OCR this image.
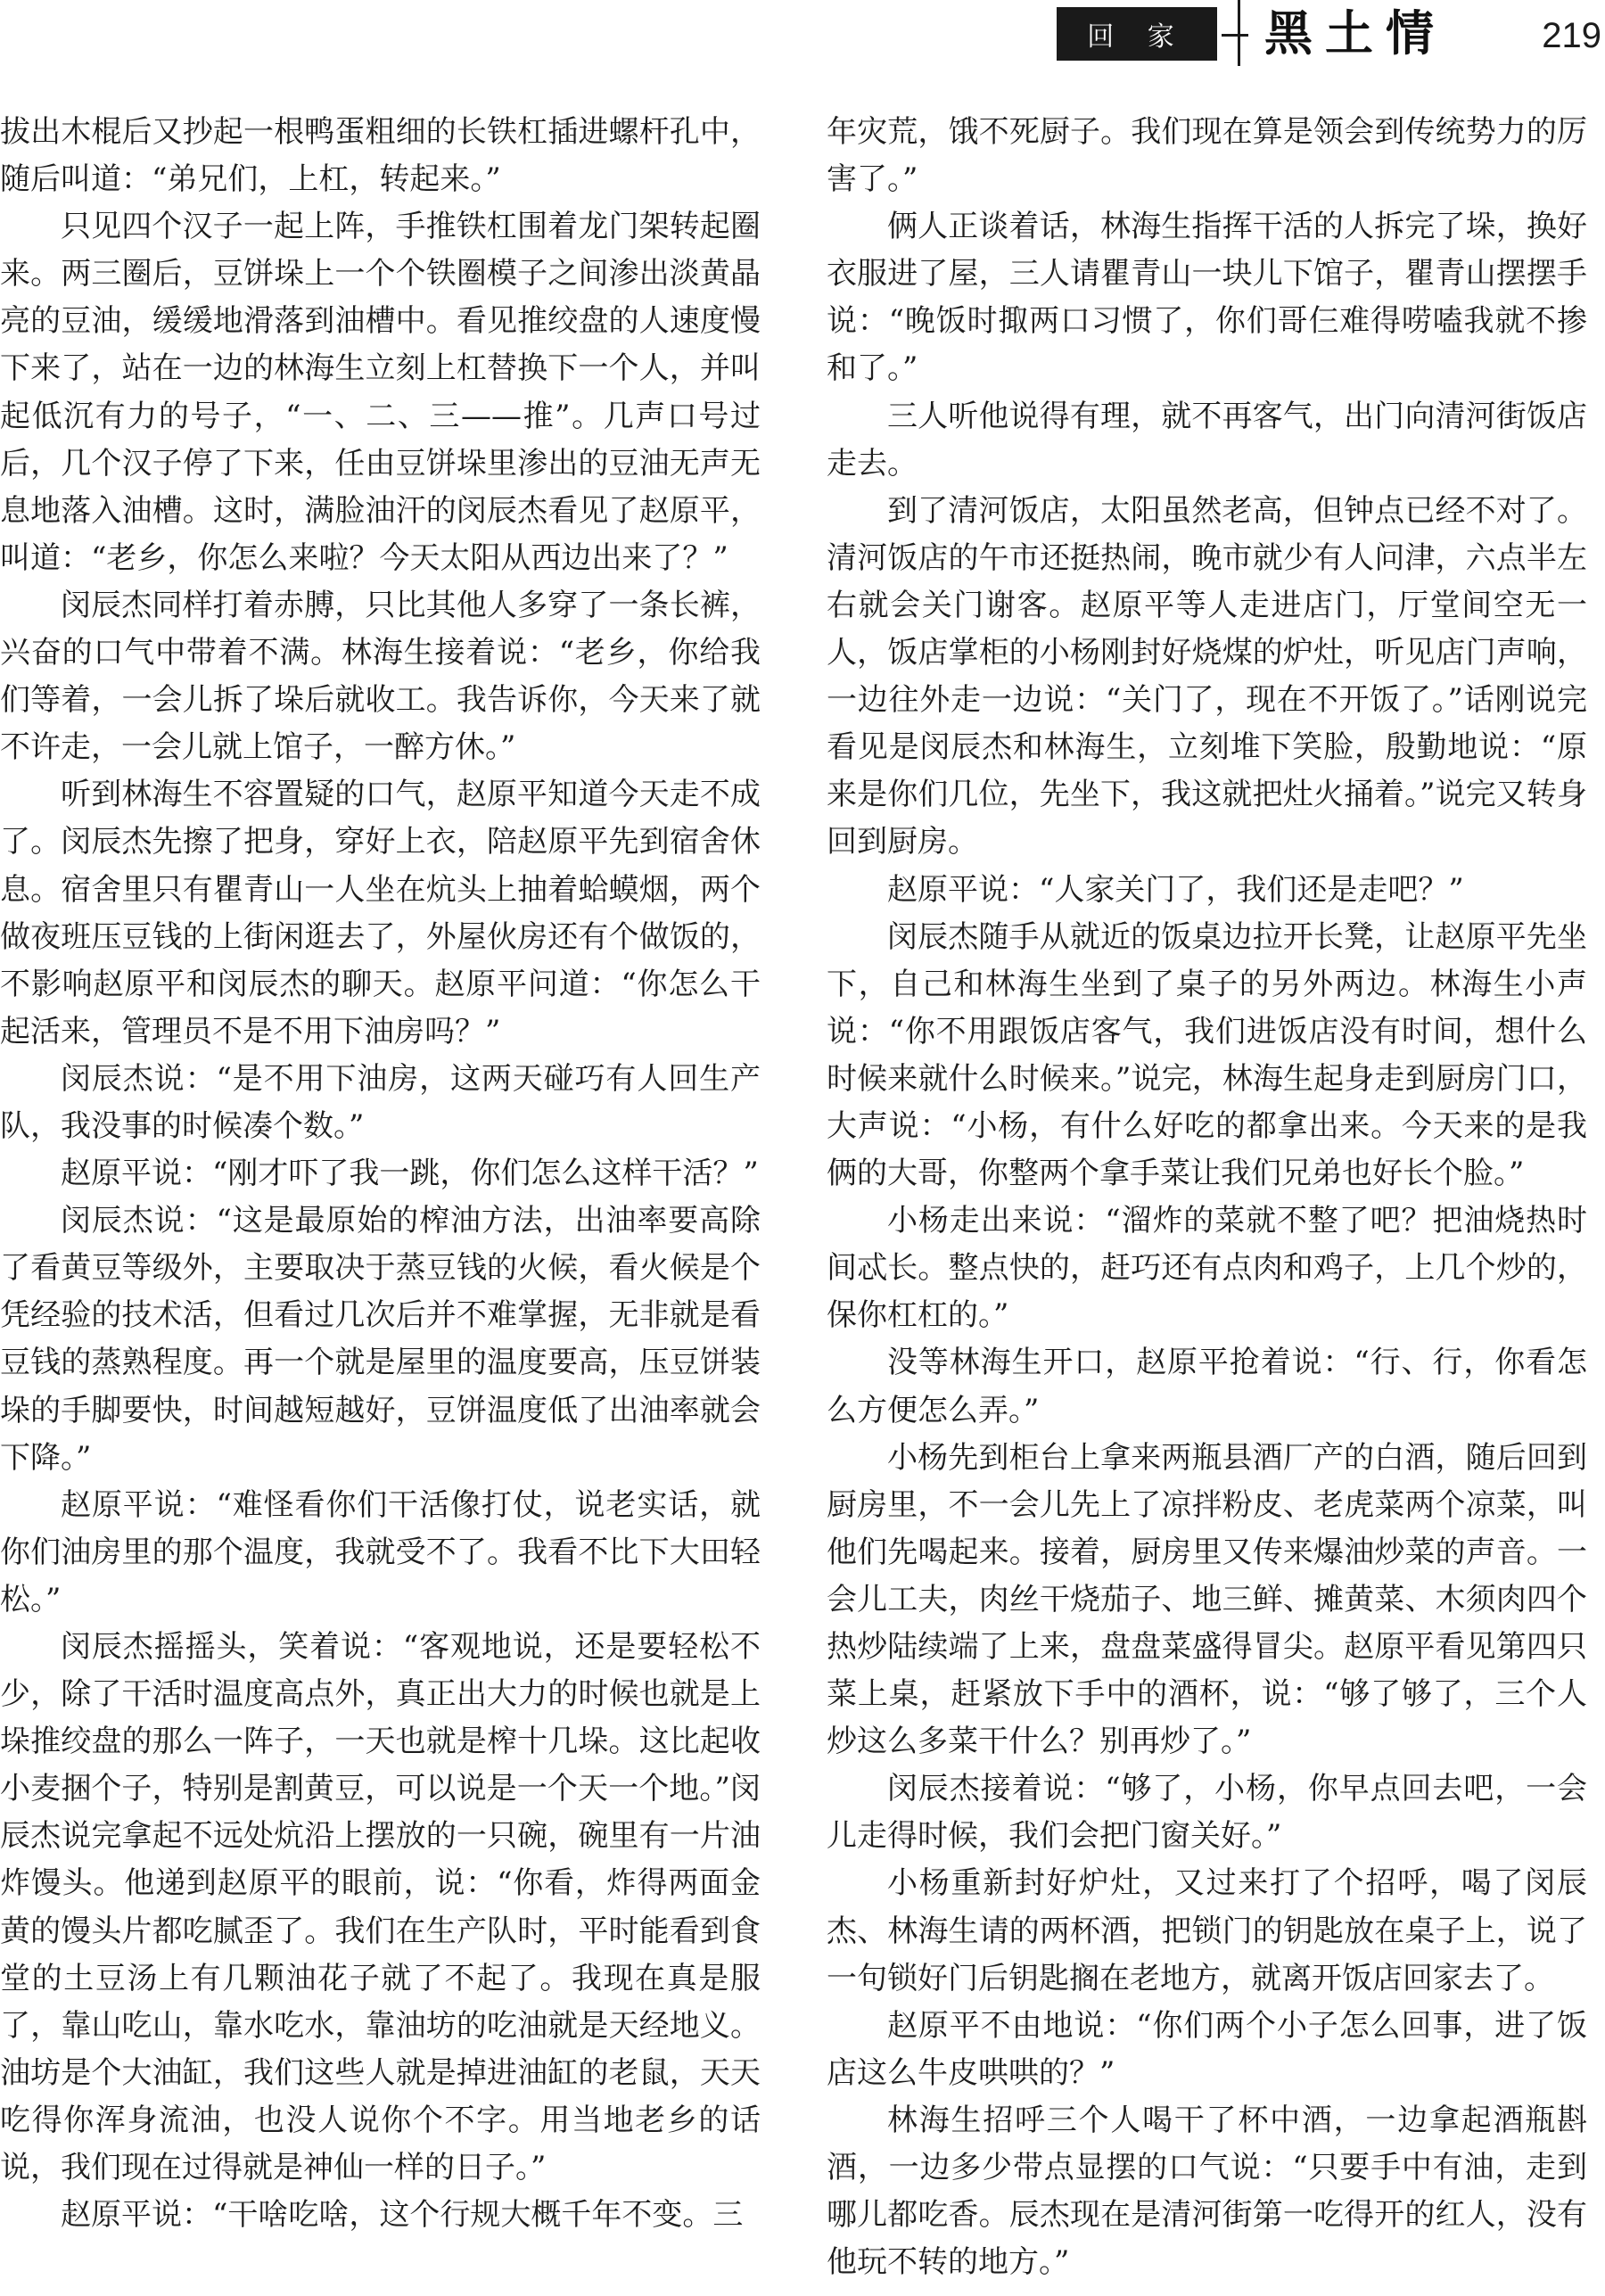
回 家	黑土情	219

拔出木棍后又抄起一根鸭蛋粗细的长铁杠插进螺杆孔中，随后叫道：“弟兄们，上杠，转起来。”

只见四个汉子一起上阵，手推铁杠围着龙门架转起圈来。两三圈后，豆饼垛上一个个铁圈模子之间渗出淡黄晶亮的豆油，缓缓地滑落到油槽中。看见推绞盘的人速度慢下来了，站在一边的林海生立刻上杠替换下一个人，并叫起低沉有力的号子，“一、二、三——推”。几声口号过后，几个汉子停了下来，任由豆饼垛里渗出的豆油无声无息地落入油槽。这时，满脸油汗的闵辰杰看见了赵原平，叫道：“老乡，你怎么来啦？今天太阳从西边出来了？”

闵辰杰同样打着赤膊，只比其他人多穿了一条长裤，兴奋的口气中带着不满。林海生接着说：“老乡，你给我们等着，一会儿拆了垛后就收工。我告诉你，今天来了就不许走，一会儿就上馆子，一醉方休。”

听到林海生不容置疑的口气，赵原平知道今天走不成了。闵辰杰先擦了把身，穿好上衣，陪赵原平先到宿舍休息。宿舍里只有瞿青山一人坐在炕头上抽着蛤蟆烟，两个做夜班压豆钱的上街闲逛去了，外屋伙房还有个做饭的，不影响赵原平和闵辰杰的聊天。赵原平问道：“你怎么干起活来，管理员不是不用下油房吗？”

闵辰杰说：“是不用下油房，这两天碰巧有人回生产队，我没事的时候凑个数。”

赵原平说：“刚才吓了我一跳，你们怎么这样干活？”

闵辰杰说：“这是最原始的榨油方法，出油率要高除了看黄豆等级外，主要取决于蒸豆钱的火候，看火候是个凭经验的技术活，但看过几次后并不难掌握，无非就是看豆钱的蒸熟程度。再一个就是屋里的温度要高，压豆饼装垛的手脚要快，时间越短越好，豆饼温度低了出油率就会下降。”

赵原平说：“难怪看你们干活像打仗，说老实话，就你们油房里的那个温度，我就受不了。我看不比下大田轻松。”

闵辰杰摇摇头，笑着说：“客观地说，还是要轻松不少，除了干活时温度高点外，真正出大力的时候也就是上垛推绞盘的那么一阵子，一天也就是榨十几垛。这比起收小麦捆个子，特别是割黄豆，可以说是一个天一个地。”闵辰杰说完拿起不远处炕沿上摆放的一只碗，碗里有一片油炸馒头。他递到赵原平的眼前，说：“你看，炸得两面金黄的馒头片都吃腻歪了。我们在生产队时，平时能看到食堂的土豆汤上有几颗油花子就了不起了。我现在真是服了，靠山吃山，靠水吃水，靠油坊的吃油就是天经地义。油坊是个大油缸，我们这些人就是掉进油缸的老鼠，天天吃得你浑身流油，也没人说你个不字。用当地老乡的话说，我们现在过得就是神仙一样的日子。”

赵原平说：“干啥吃啥，这个行规大概千年不变。三

年灾荒，饿不死厨子。我们现在算是领会到传统势力的厉害了。”

俩人正谈着话，林海生指挥干活的人拆完了垛，换好衣服进了屋，三人请瞿青山一块儿下馆子，瞿青山摆摆手说：“晚饭时掫两口习惯了，你们哥仨难得唠嗑我就不掺和了。”

三人听他说得有理，就不再客气，出门向清河街饭店走去。

到了清河饭店，太阳虽然老高，但钟点已经不对了。清河饭店的午市还挺热闹，晚市就少有人问津，六点半左右就会关门谢客。赵原平等人走进店门，厅堂间空无一人，饭店掌柜的小杨刚封好烧煤的炉灶，听见店门声响，一边往外走一边说：“关门了，现在不开饭了。”话刚说完看见是闵辰杰和林海生，立刻堆下笑脸，殷勤地说：“原来是你们几位，先坐下，我这就把灶火捅着。”说完又转身回到厨房。

赵原平说：“人家关门了，我们还是走吧？”

闵辰杰随手从就近的饭桌边拉开长凳，让赵原平先坐下，自己和林海生坐到了桌子的另外两边。林海生小声说：“你不用跟饭店客气，我们进饭店没有时间，想什么时候来就什么时候来。”说完，林海生起身走到厨房门口，大声说：“小杨，有什么好吃的都拿出来。今天来的是我俩的大哥，你整两个拿手菜让我们兄弟也好长个脸。”

小杨走出来说：“溜炸的菜就不整了吧？把油烧热时间忒长。整点快的，赶巧还有点肉和鸡子，上几个炒的，保你杠杠的。”

没等林海生开口，赵原平抢着说：“行、行，你看怎么方便怎么弄。”

小杨先到柜台上拿来两瓶县酒厂产的白酒，随后回到厨房里，不一会儿先上了凉拌粉皮、老虎菜两个凉菜，叫他们先喝起来。接着，厨房里又传来爆油炒菜的声音。一会儿工夫，肉丝干烧茄子、地三鲜、摊黄菜、木须肉四个热炒陆续端了上来，盘盘菜盛得冒尖。赵原平看见第四只菜上桌，赶紧放下手中的酒杯，说：“够了够了，三个人炒这么多菜干什么？别再炒了。”

闵辰杰接着说：“够了，小杨，你早点回去吧，一会儿走得时候，我们会把门窗关好。”

小杨重新封好炉灶，又过来打了个招呼，喝了闵辰杰、林海生请的两杯酒，把锁门的钥匙放在桌子上，说了一句锁好门后钥匙搁在老地方，就离开饭店回家去了。

赵原平不由地说：“你们两个小子怎么回事，进了饭店这么牛皮哄哄的？”

林海生招呼三个人喝干了杯中酒，一边拿起酒瓶斟酒，一边多少带点显摆的口气说：“只要手中有油，走到哪儿都吃香。辰杰现在是清河街第一吃得开的红人，没有他玩不转的地方。”
